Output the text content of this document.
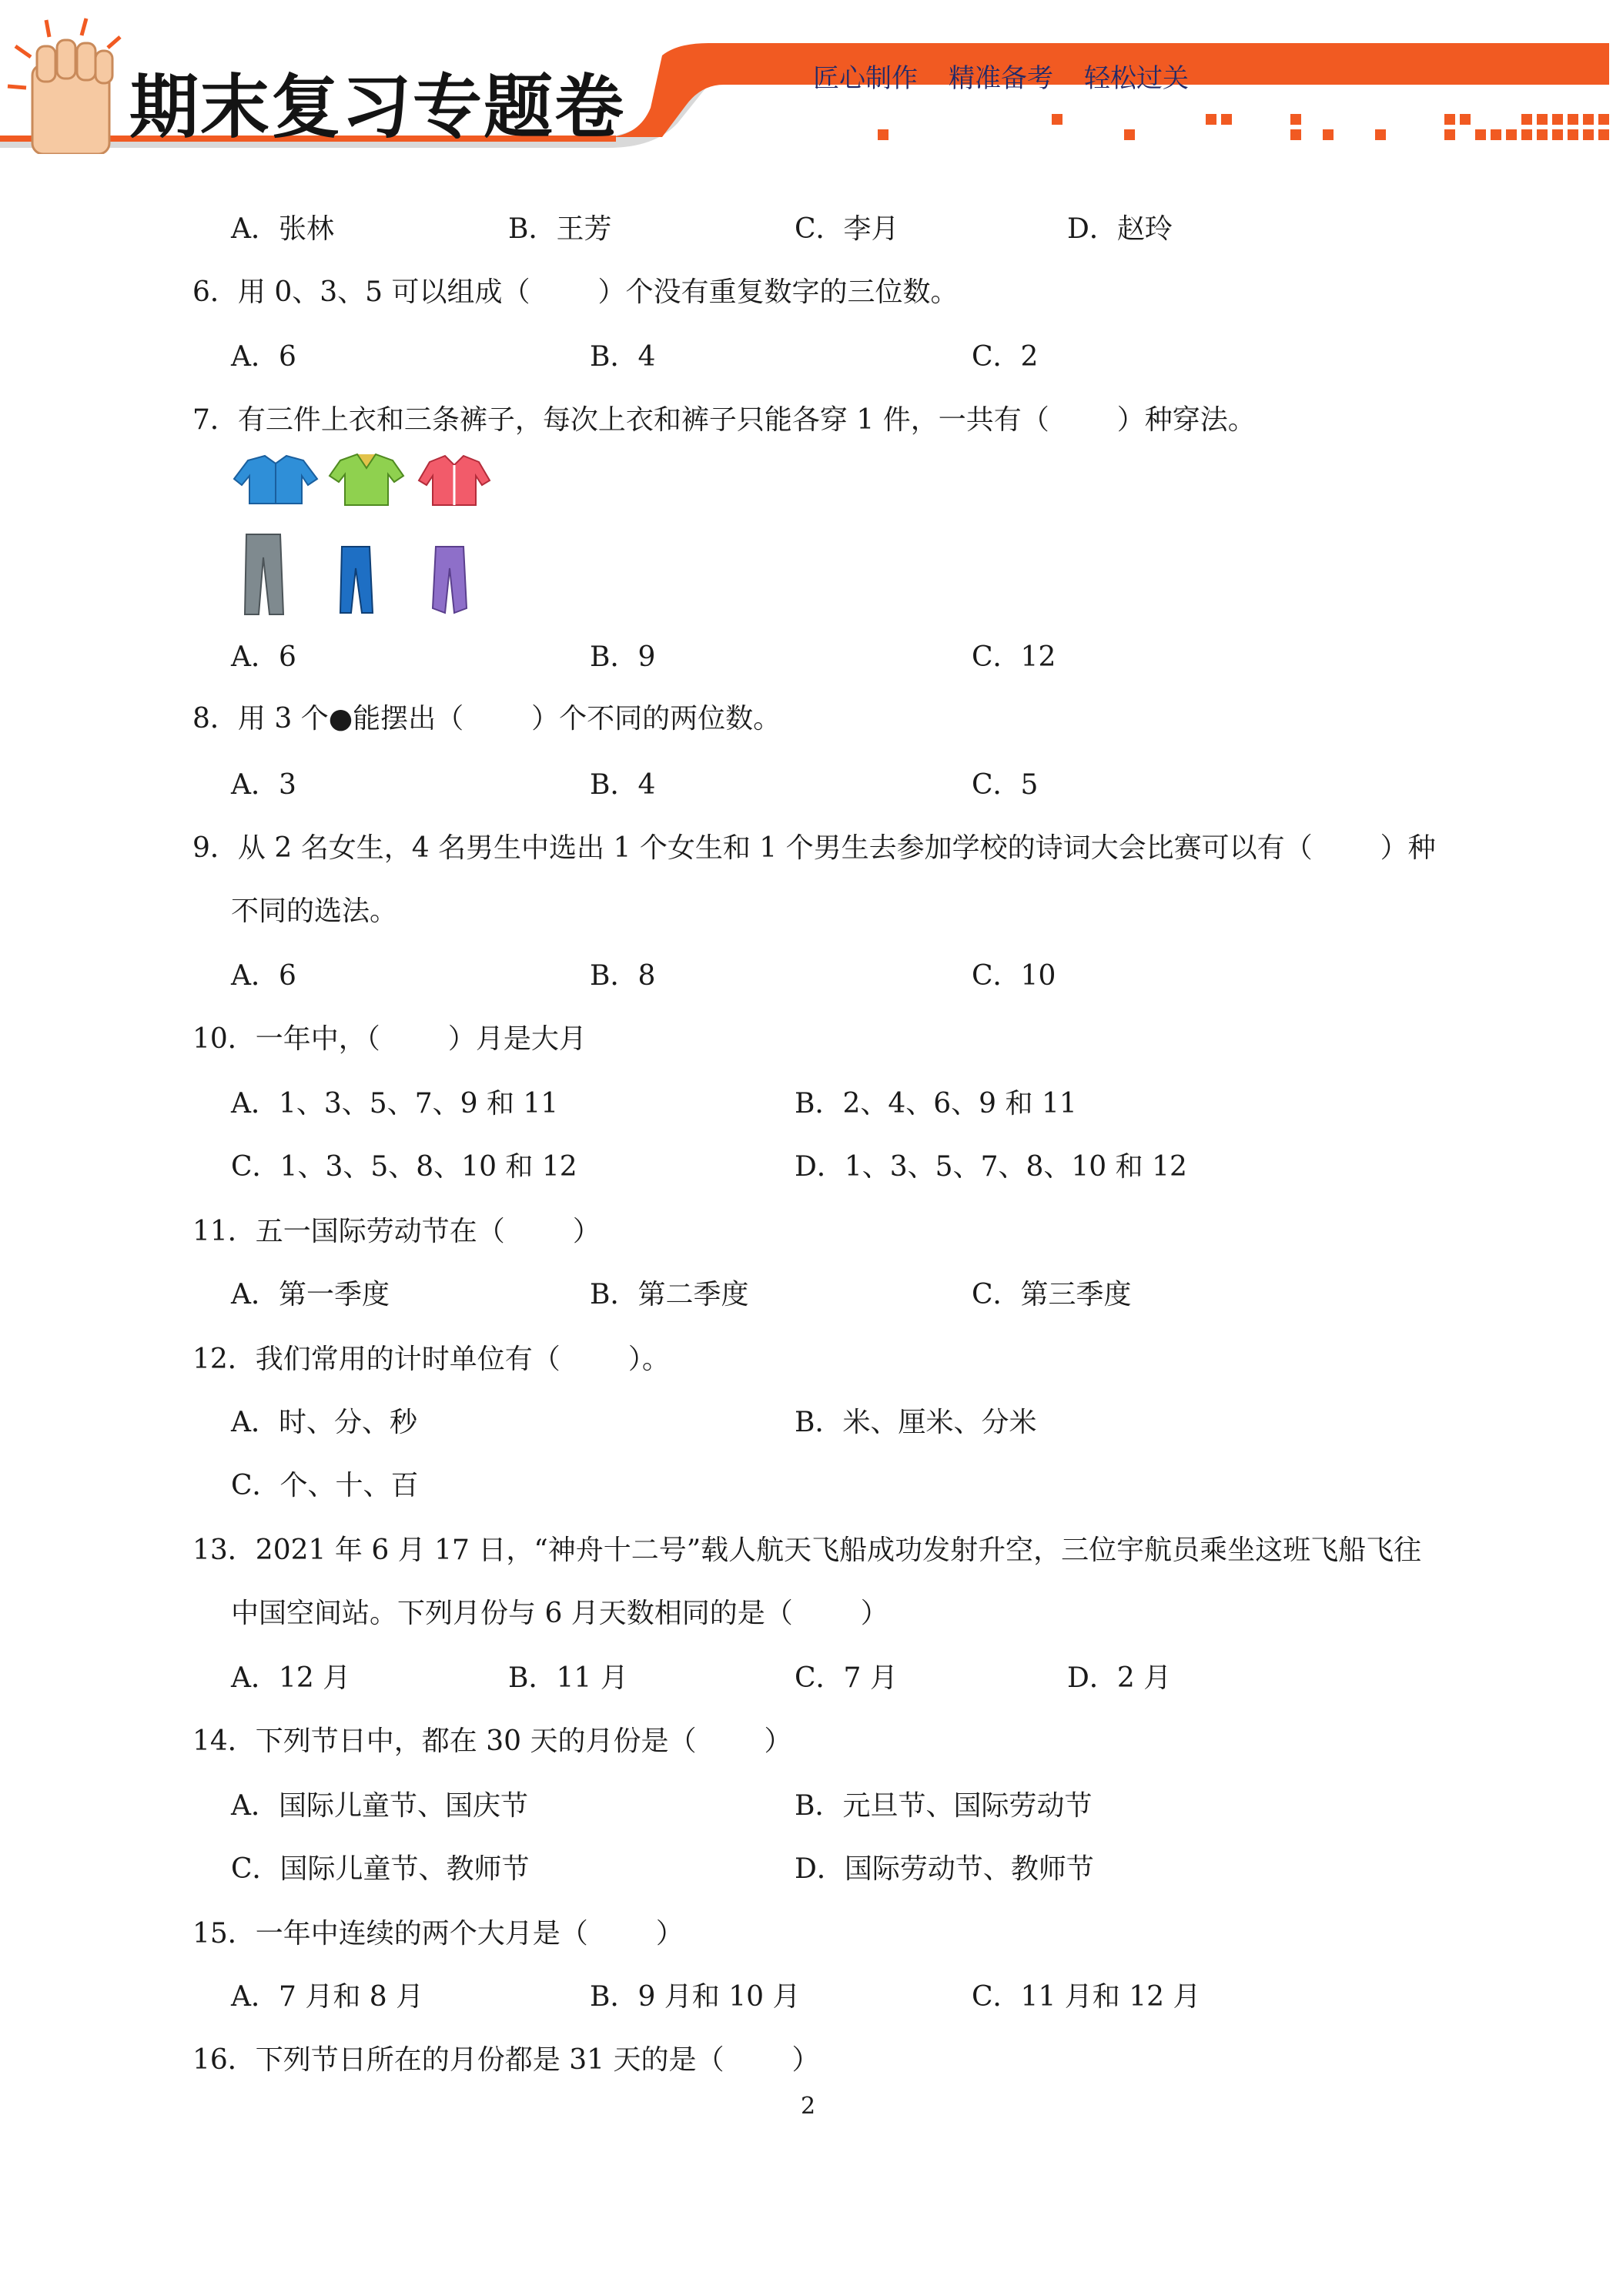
期末复习专题卷	匠心制作 精准备考 轻松过关
A．张林	B．王芳	C．李月	D．赵玲
6．用 0、3、5 可以组成（ ）个没有重复数字的三位数。
A．6	B．4	C．2
7．有三件上衣和三条裤子，每次上衣和裤子只能各穿 1 件，一共有（ ）种穿法。
A．6	B．9	C．12
8．用 3 个●能摆出（ ）个不同的两位数。
A．3	B．4	C．5
9．从 2 名女生，4 名男生中选出 1 个女生和 1 个男生去参加学校的诗词大会比赛可以有（ ）种
不同的选法。
A．6	B．8	C．10
10．一年中，（ ）月是大月
A．1、3、5、7、9 和 11	B．2、4、6、9 和 11
C．1、3、5、8、10 和 12	D．1、3、5、7、8、10 和 12
11．五一国际劳动节在（ ）
A．第一季度	B．第二季度	C．第三季度
12．我们常用的计时单位有（ ）。
A．时、分、秒	B．米、厘米、分米
C．个、十、百
13．2021 年 6 月 17 日，“神舟十二号”载人航天飞船成功发射升空，三位宇航员乘坐这班飞船飞往
中国空间站。下列月份与 6 月天数相同的是（ ）
A．12 月	B．11 月	C．7 月	D．2 月
14．下列节日中，都在 30 天的月份是（ ）
A．国际儿童节、国庆节	B．元旦节、国际劳动节
C．国际儿童节、教师节	D．国际劳动节、教师节
15．一年中连续的两个大月是（ ）
A．7 月和 8 月	B．9 月和 10 月	C．11 月和 12 月
16．下列节日所在的月份都是 31 天的是（ ）
2
